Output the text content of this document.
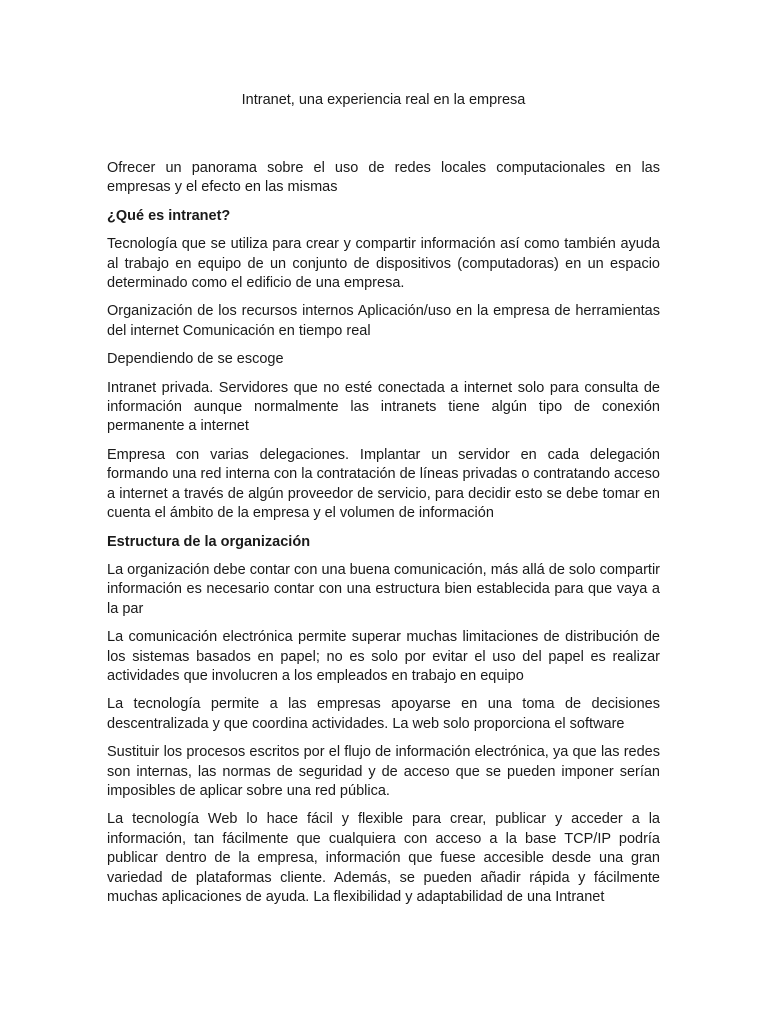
Intranet, una experiencia real en la empresa

Ofrecer un panorama sobre el uso de redes locales computacionales en las empresas y el efecto en las mismas

¿Qué es intranet?

Tecnología que se utiliza para crear y compartir información así como también ayuda al trabajo en equipo de un conjunto de dispositivos (computadoras) en un espacio determinado como el edificio de una empresa.

Organización de los recursos internos Aplicación/uso en la empresa de herramientas del internet Comunicación en tiempo real

Dependiendo de se escoge

Intranet privada. Servidores que no esté conectada a internet solo para consulta de información aunque normalmente las intranets tiene algún tipo de conexión permanente a internet

Empresa con varias delegaciones. Implantar un servidor en cada delegación formando una red interna con la contratación de líneas privadas o contratando acceso a internet a través de algún proveedor de servicio, para decidir esto se debe tomar en cuenta el ámbito de la empresa y el volumen de información

Estructura de la organización

La organización debe contar con una buena comunicación, más allá de solo compartir información es necesario contar con una estructura bien establecida para que vaya a la par

La comunicación electrónica permite superar muchas limitaciones de distribución de los sistemas basados en papel; no es solo por evitar el uso del papel es realizar actividades que involucren a los empleados en trabajo en equipo

La tecnología permite a las empresas apoyarse en una toma de decisiones descentralizada y que coordina actividades. La web solo proporciona el software

Sustituir los procesos escritos por el flujo de información electrónica, ya que las redes son internas, las normas de seguridad y de acceso que se pueden imponer serían imposibles de aplicar sobre una red pública.

La tecnología Web lo hace fácil y flexible para crear, publicar y acceder a la información, tan fácilmente que cualquiera con acceso a la base TCP/IP podría publicar dentro de la empresa, información que fuese accesible desde una gran variedad de plataformas cliente. Además, se pueden añadir rápida y fácilmente muchas aplicaciones de ayuda. La flexibilidad y adaptabilidad de una Intranet
